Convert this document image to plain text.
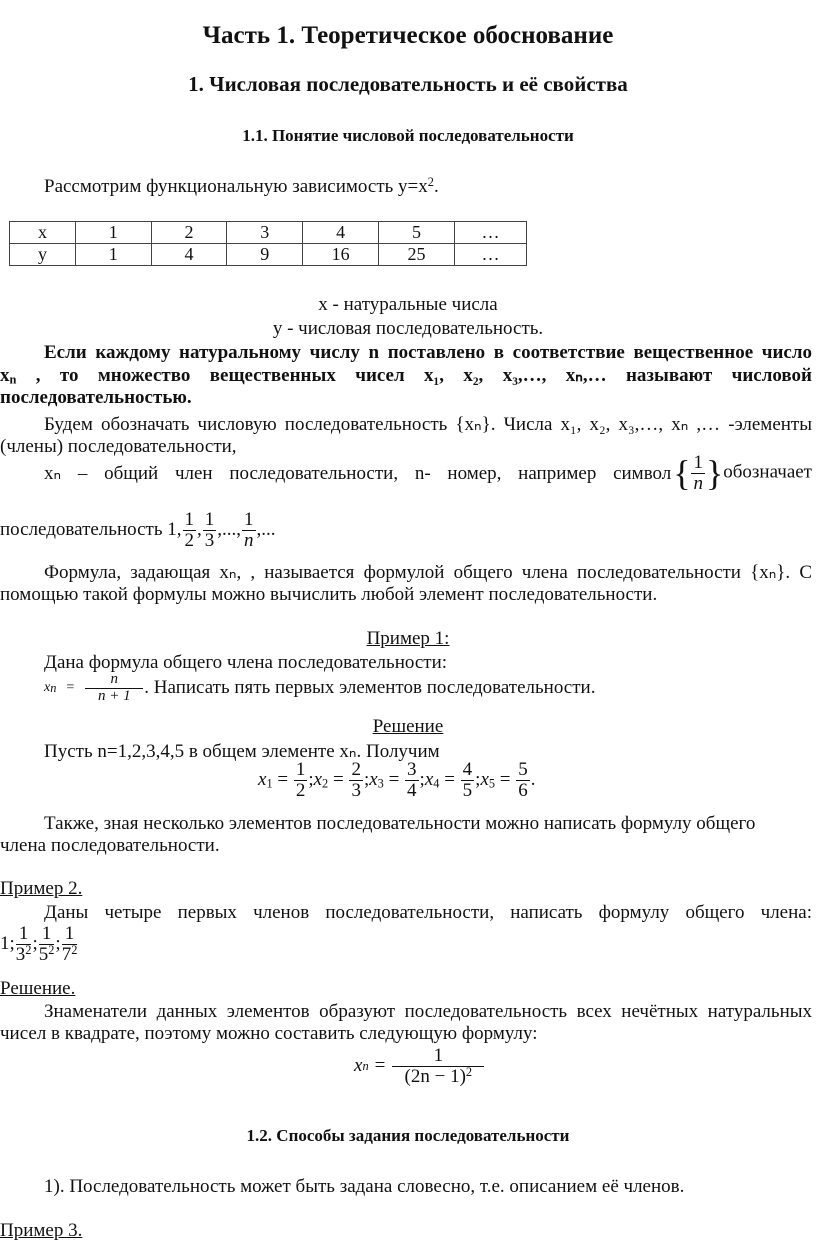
Часть 1. Теоретическое обоснование
1. Числовая последовательность и её свойства
1.1. Понятие числовой последовательности
Рассмотрим функциональную зависимость $y=x^2$.
x	1	2	3	4	5	…
y	1	4	9	16	25	…
x - натуральные числа
y - числовая последовательность.
Если каждому натуральному числу n поставлено в соответствие вещественное число
$x_n$ , то множество вещественных чисел x₁, x₂, x₃,…, xₙ,… называют числовой
последовательностью.
Будем обозначать числовую последовательность {xₙ}. Числа x₁, x₂, x₃,…, xₙ ,… -элементы
(члены) последовательности,
xₙ – общий член последовательности, n- номер, например символ { $\frac{1}{n}$ }обозначает
последовательность 1, $\frac{1}{2}$ , $\frac{1}{3}$ ,..., $\frac{1}{n}$ ,...
Формула, задающая xₙ, , называется формулой общего члена последовательности {xₙ}. С
помощью такой формулы можно вычислить любой элемент последовательности.
Пример 1:
Дана формула общего члена последовательности:
x $n = \frac{n}{n + 1}$ . Написать пять первых элементов последовательности.
Решение
Пусть n=1,2,3,4,5 в общем элементе xₙ. Получим
$x_1 = \frac{1}{2}$ $;x_2 = \frac{2}{3}$ $;x_3 = \frac{3}{4}$ $;x_4 = \frac{4}{5}$ $;x_5 = \frac{5}{6}$ .
Также, зная несколько элементов последовательности можно написать формулу общего
члена последовательности.
Пример 2.
Даны четыре первых членов последовательности, написать формулу общего члена:
1; $\frac{1}{3^2}$ ; $\frac{1}{5^2}$ ; $\frac{1}{7^2}$
Решение.
Знаменатели данных элементов образуют последовательность всех нечётных натуральных
чисел в квадрате, поэтому можно составить следующую формулу:
x $n = \frac{1}{(2n - 1)^2}$
1.2. Способы задания последовательности
1). Последовательность может быть задана словесно, т.е. описанием её членов.
Пример 3.
